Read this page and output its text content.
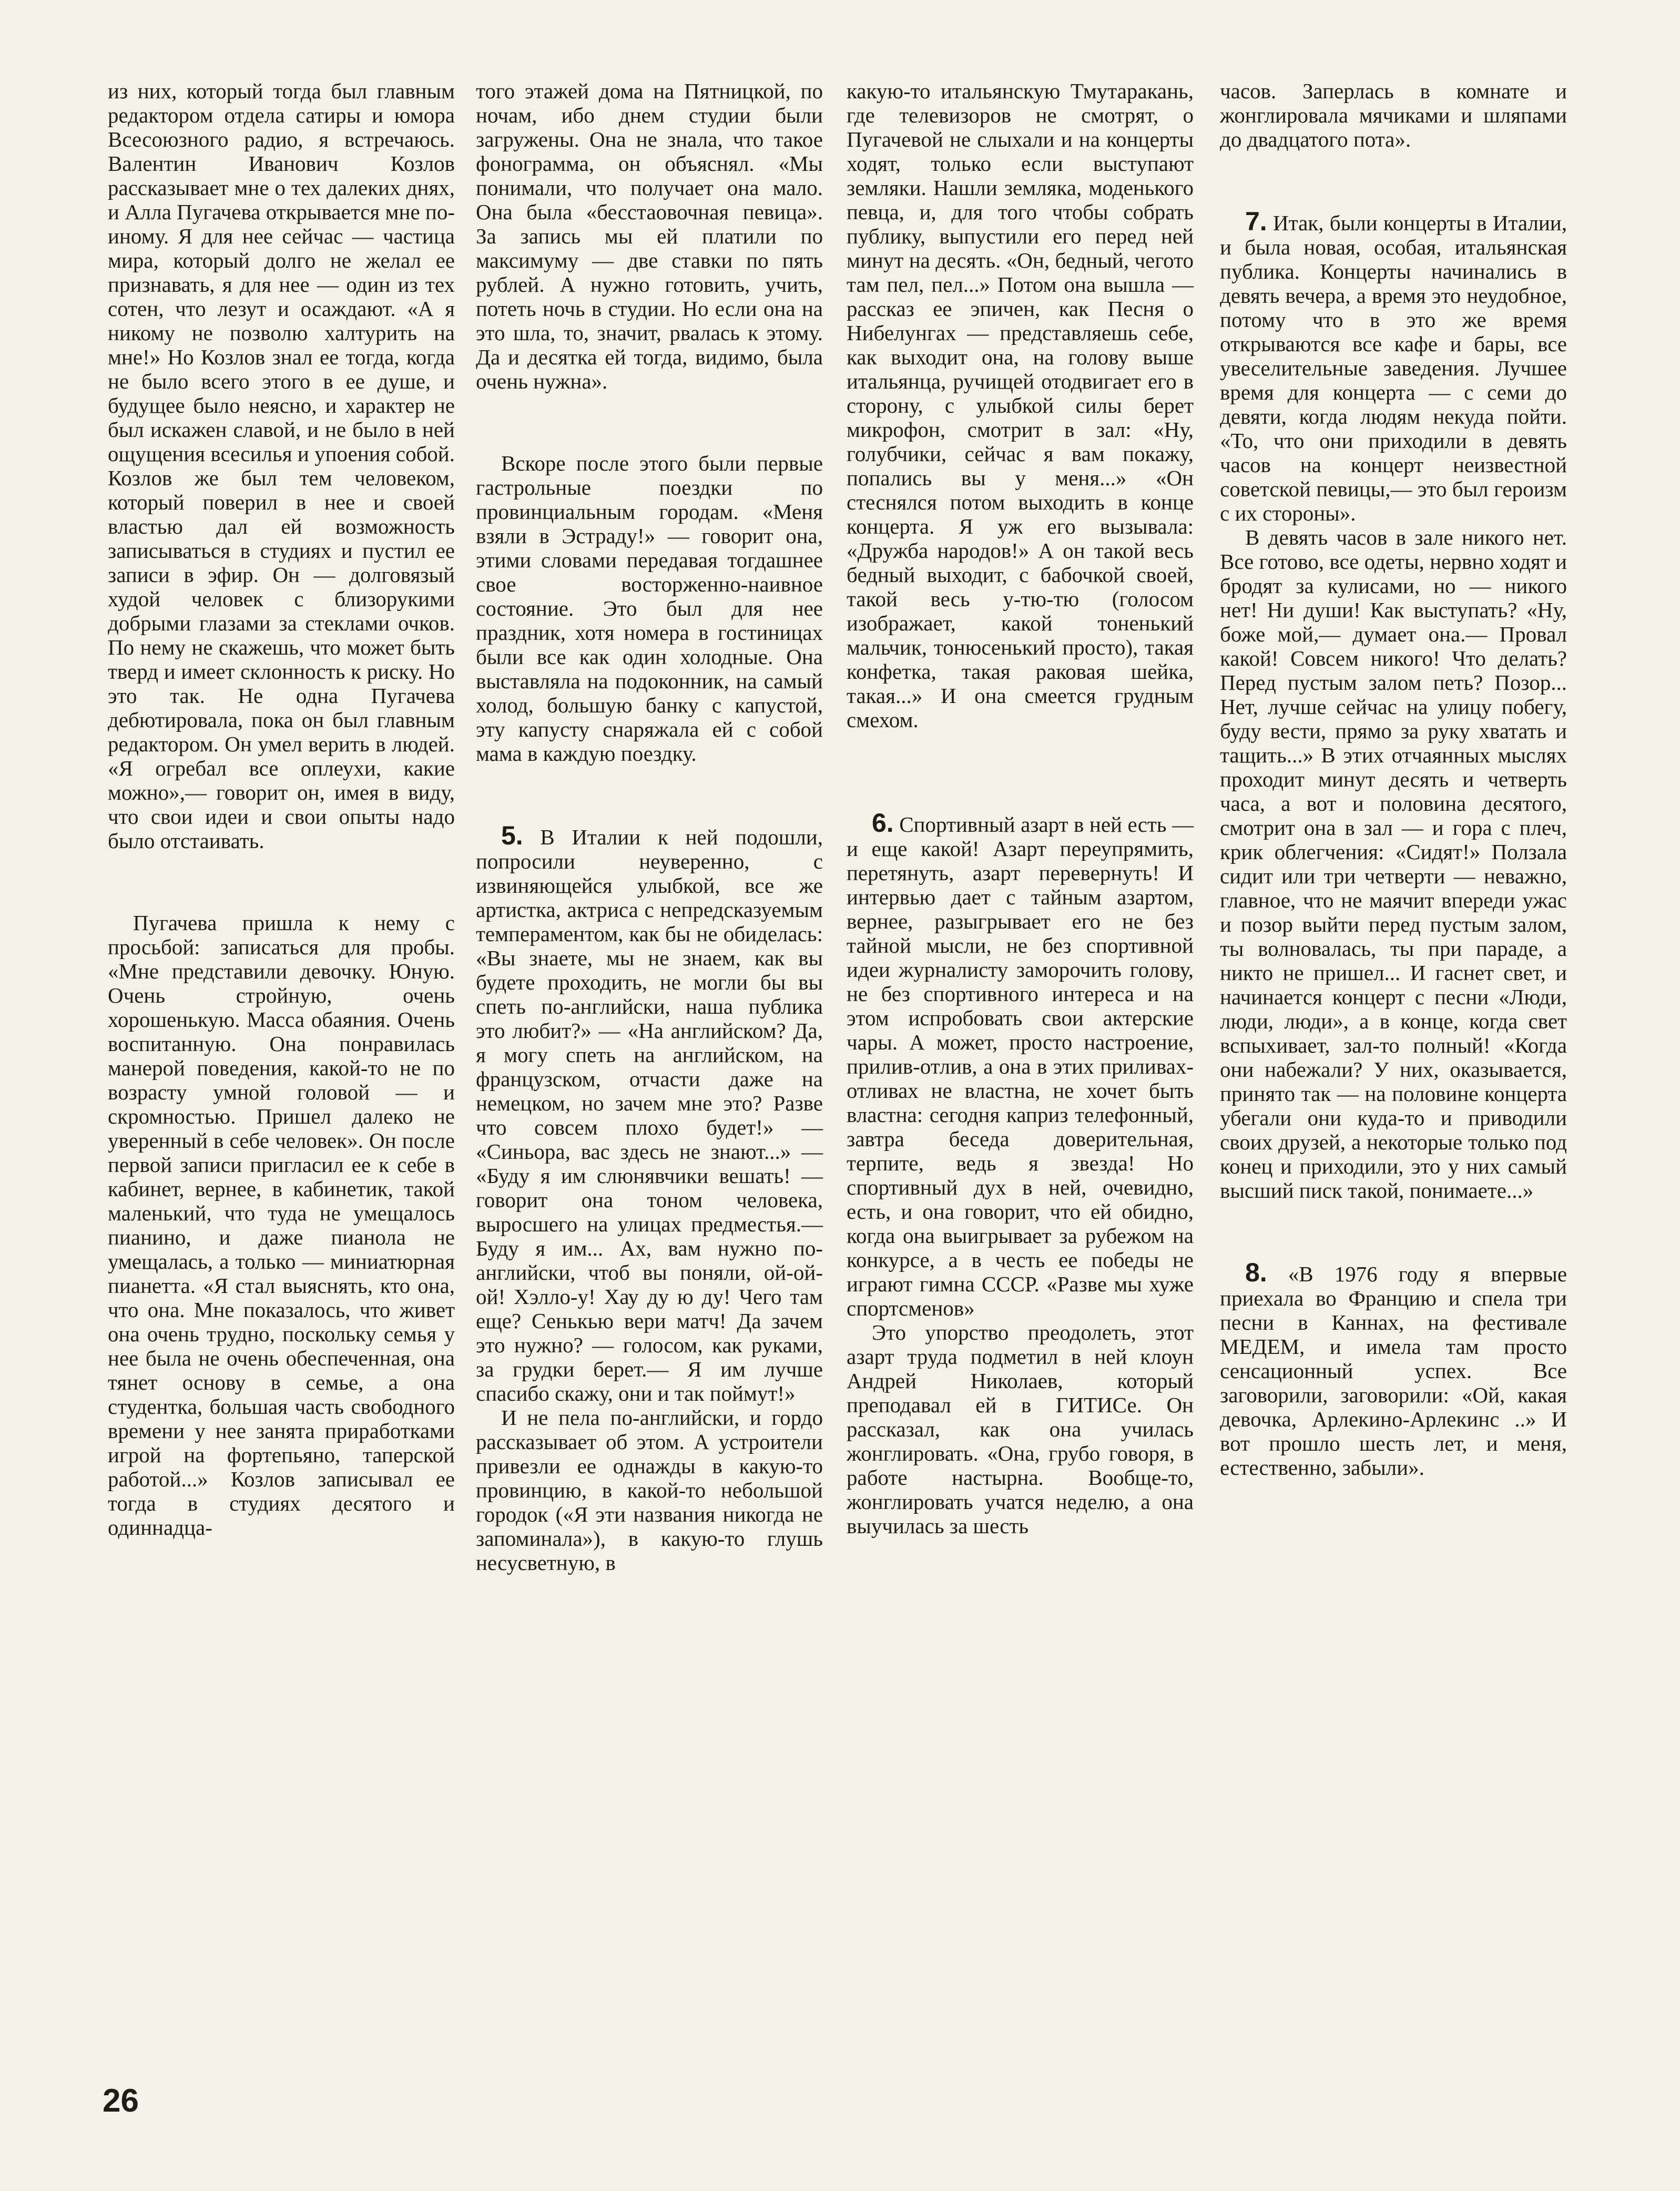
из них, который тогда был главным редактором отдела сатиры и юмора Всесоюзного радио, я встречаюсь. Валентин Иванович Козлов рассказывает мне о тех далеких днях, и Алла Пугачева открывается мне по-иному. Я для нее сейчас — частица мира, который долго не желал ее признавать, я для нее — один из тех сотен, что лезут и осаждают. «А я никому не позволю халтурить на мне!» Но Козлов знал ее тогда, когда не было всего этого в ее душе, и будущее было неясно, и характер не был искажен славой, и не было в ней ощущения всесилья и упоения собой. Козлов же был тем человеком, который поверил в нее и своей властью дал ей возможность записываться в студиях и пустил ее записи в эфир. Он — долговязый худой человек с близорукими добрыми глазами за стеклами очков. По нему не скажешь, что может быть тверд и имеет склонность к риску. Но это так. Не одна Пугачева дебютировала, пока он был главным редактором. Он умел верить в людей. «Я огребал все оплеухи, какие можно»,— говорит он, имея в виду, что свои идеи и свои опыты надо было отстаивать.

Пугачева пришла к нему с просьбой: записаться для пробы. «Мне представили девочку. Юную. Очень стройную, очень хорошенькую. Масса обаяния. Очень воспитанную. Она понравилась манерой поведения, какой-то не по возрасту умной головой — и скромностью. Пришел далеко не уверенный в себе человек». Он после первой записи пригласил ее к себе в кабинет, вернее, в кабинетик, такой маленький, что туда не умещалось пианино, и даже пианола не умещалась, а только — миниатюрная пианетта. «Я стал выяснять, кто она, что она. Мне показалось, что живет она очень трудно, поскольку семья у нее была не очень обеспеченная, она тянет основу в семье, а она студентка, большая часть свободного времени у нее занята приработками игрой на фортепьяно, таперской работой...» Козлов записывал ее тогда в студиях десятого и одиннадца-

того этажей дома на Пятницкой, по ночам, ибо днем студии были загружены. Она не знала, что такое фонограмма, он объяснял. «Мы понимали, что получает она мало. Она была «бесстаовочная певица». За запись мы ей платили по максимуму — две ставки по пять рублей. А нужно готовить, учить, потеть ночь в студии. Но если она на это шла, то, значит, рвалась к этому. Да и десятка ей тогда, видимо, была очень нужна».

Вскоре после этого были первые гастрольные поездки по провинциальным городам. «Меня взяли в Эстраду!» — говорит она, этими словами передавая тогдашнее свое восторженно-наивное состояние. Это был для нее праздник, хотя номера в гостиницах были все как один холодные. Она выставляла на подоконник, на самый холод, большую банку с капустой, эту капусту снаряжала ей с собой мама в каждую поездку.

5. В Италии к ней подошли, попросили неуверенно, с извиняющейся улыбкой, все же артистка, актриса с непредсказуемым темпераментом, как бы не обиделась: «Вы знаете, мы не знаем, как вы будете проходить, не могли бы вы спеть по-английски, наша публика это любит?» — «На английском? Да, я могу спеть на английском, на французском, отчасти даже на немецком, но зачем мне это? Разве что совсем плохо будет!» — «Синьора, вас здесь не знают...» — «Буду я им слюнявчики вешать! — говорит она тоном человека, выросшего на улицах предместья.— Буду я им... Ах, вам нужно по-английски, чтоб вы поняли, ой-ой-ой! Хэлло-у! Хау ду ю ду! Чего там еще? Сенькью вери матч! Да зачем это нужно? — голосом, как руками, за грудки берет.— Я им лучше спасибо скажу, они и так поймут!»

И не пела по-английски, и гордо рассказывает об этом. А устроители привезли ее однажды в какую-то провинцию, в какой-то небольшой городок («Я эти названия никогда не запоминала»), в какую-то глушь несусветную, в

какую-то итальянскую Тмутаракань, где телевизоров не смотрят, о Пугачевой не слыхали и на концерты ходят, только если выступают земляки. Нашли земляка, моденького певца, и, для того чтобы собрать публику, выпустили его перед ней минут на десять. «Он, бедный, чегото там пел, пел...» Потом она вышла — рассказ ее эпичен, как Песня о Нибелунгах — представляешь себе, как выходит она, на голову выше итальянца, ручищей отодвигает его в сторону, с улыбкой силы берет микрофон, смотрит в зал: «Ну, голубчики, сейчас я вам покажу, попались вы у меня...» «Он стеснялся потом выходить в конце концерта. Я уж его вызывала: «Дружба народов!» А он такой весь бедный выходит, с бабочкой своей, такой весь у-тю-тю (голосом изображает, какой тоненький мальчик, тонюсенький просто), такая конфетка, такая раковая шейка, такая...» И она смеется грудным смехом.

6. Спортивный азарт в ней есть — и еще какой! Азарт переупрямить, перетянуть, азарт перевернуть! И интервью дает с тайным азартом, вернее, разыгрывает его не без тайной мысли, не без спортивной идеи журналисту заморочить голову, не без спортивного интереса и на этом испробовать свои актерские чары. А может, просто настроение, прилив-отлив, а она в этих приливах-отливах не властна, не хочет быть властна: сегодня каприз телефонный, завтра беседа доверительная, терпите, ведь я звезда! Но спортивный дух в ней, очевидно, есть, и она говорит, что ей обидно, когда она выигрывает за рубежом на конкурсе, а в честь ее победы не играют гимна СССР. «Разве мы хуже спортсменов»

Это упорство преодолеть, этот азарт труда подметил в ней клоун Андрей Николаев, который преподавал ей в ГИТИСе. Он рассказал, как она училась жонглировать. «Она, грубо говоря, в работе настырна. Вообще-то, жонглировать учатся неделю, а она выучилась за шесть

часов. Заперлась в комнате и жонглировала мячиками и шляпами до двадцатого пота».

7. Итак, были концерты в Италии, и была новая, особая, итальянская публика. Концерты начинались в девять вечера, а время это неудобное, потому что в это же время открываются все кафе и бары, все увеселительные заведения. Лучшее время для концерта — с семи до девяти, когда людям некуда пойти. «То, что они приходили в девять часов на концерт неизвестной советской певицы,— это был героизм с их стороны».

В девять часов в зале никого нет. Все готово, все одеты, нервно ходят и бродят за кулисами, но — никого нет! Ни души! Как выступать? «Ну, боже мой,— думает она.— Провал какой! Совсем никого! Что делать? Перед пустым залом петь? Позор... Нет, лучше сейчас на улицу побегу, буду вести, прямо за руку хватать и тащить...» В этих отчаянных мыслях проходит минут десять и четверть часа, а вот и половина десятого, смотрит она в зал — и гора с плеч, крик облегчения: «Сидят!» Ползала сидит или три четверти — неважно, главное, что не маячит впереди ужас и позор выйти перед пустым залом, ты волновалась, ты при параде, а никто не пришел... И гаснет свет, и начинается концерт с песни «Люди, люди, люди», а в конце, когда свет вспыхивает, зал-то полный! «Когда они набежали? У них, оказывается, принято так — на половине концерта убегали они куда-то и приводили своих друзей, а некоторые только под конец и приходили, это у них самый высший писк такой, понимаете...»

8. «В 1976 году я впервые приехала во Францию и спела три песни в Каннах, на фестивале МЕДЕМ, и имела там просто сенсационный успех. Все заговорили, заговорили: «Ой, какая девочка, Арлекино-Арлекинс ..» И вот прошло шесть лет, и меня, естественно, забыли».

26
